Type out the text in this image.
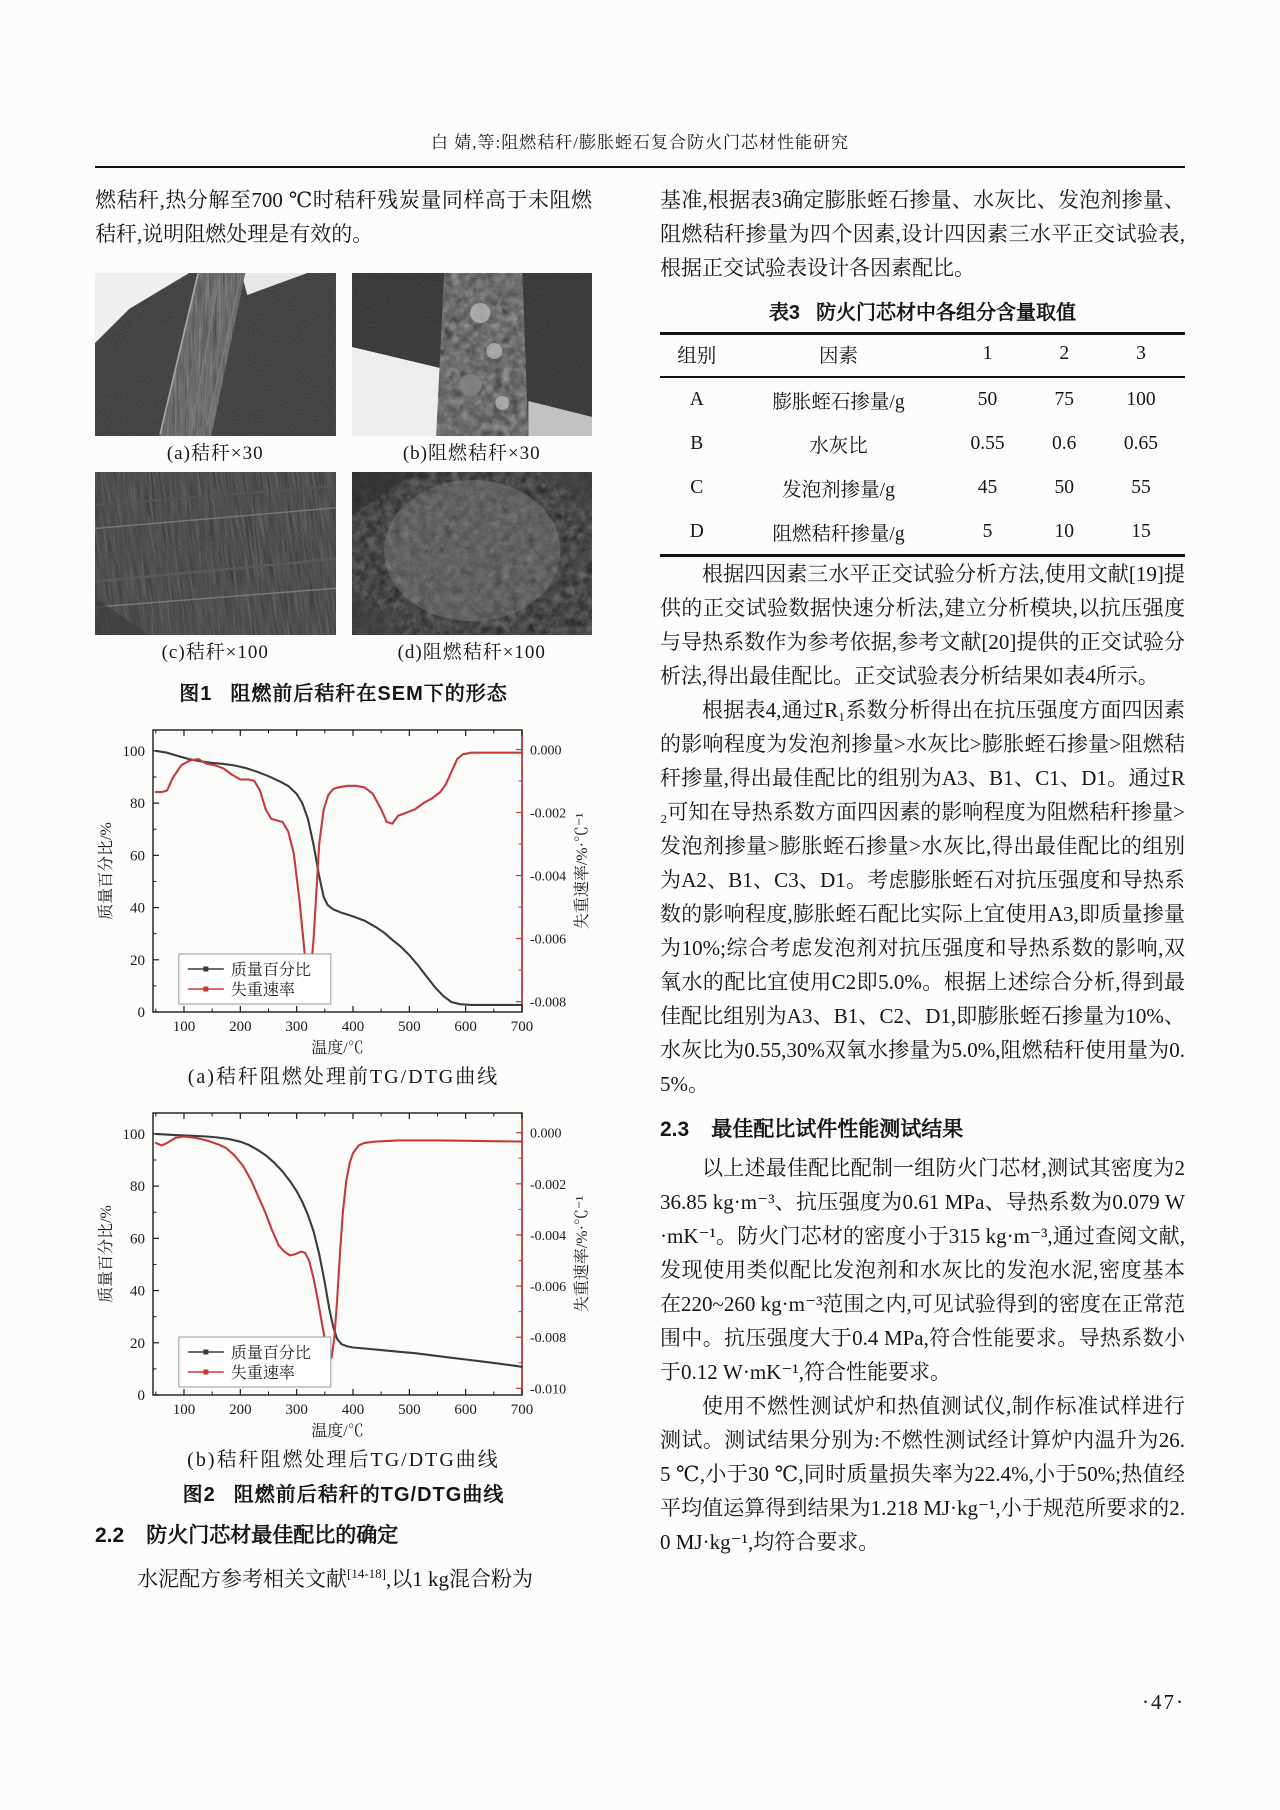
白 婧,等:阻燃秸秆/膨胀蛭石复合防火门芯材性能研究

燃秸秆,热分解至700 ℃时秸秆残炭量同样高于未阻燃秸秆,说明阻燃处理是有效的。

(a)秸秆×30	(b)阻燃秸秆×30

(c)秸秆×100	(d)阻燃秸秆×100

图1 阻燃前后秸秆在SEM下的形态

100 200 300 400 500 600 700
0
20
40
60
80
100	0.000
-0.002
-0.004
-0.006
-0.008
温度/℃
质量百分比/%	失重速率/%·℃⁻¹
质量百分比
失重速率

(a)秸秆阻燃处理前TG/DTG曲线

100 200 300 400 500 600 700
0
20
40
60
80
100	0.000
-0.002
-0.004
-0.006
-0.008
-0.010
温度/℃
质量百分比/%	失重速率/%·℃⁻¹
质量百分比
失重速率

(b)秸秆阻燃处理后TG/DTG曲线

图2 阻燃前后秸秆的TG/DTG曲线

2.2 防火门芯材最佳配比的确定

水泥配方参考相关文献[14-18],以1 kg混合粉为

基准,根据表3确定膨胀蛭石掺量、水灰比、发泡剂掺量、阻燃秸秆掺量为四个因素,设计四因素三水平正交试验表,根据正交试验表设计各因素配比。

表3 防火门芯材中各组分含量取值

组别	因素	1	2	3
A	膨胀蛭石掺量/g	50	75	100
B	水灰比	0.55	0.6	0.65
C	发泡剂掺量/g	45	50	55
D	阻燃秸秆掺量/g	5	10	15

根据四因素三水平正交试验分析方法,使用文献[19]提供的正交试验数据快速分析法,建立分析模块,以抗压强度与导热系数作为参考依据,参考文献[20]提供的正交试验分析法,得出最佳配比。正交试验表分析结果如表4所示。

根据表4,通过R₁系数分析得出在抗压强度方面四因素的影响程度为发泡剂掺量>水灰比>膨胀蛭石掺量>阻燃秸秆掺量,得出最佳配比的组别为A3、B1、C1、D1。通过R₂可知在导热系数方面四因素的影响程度为阻燃秸秆掺量>发泡剂掺量>膨胀蛭石掺量>水灰比,得出最佳配比的组别为A2、B1、C3、D1。考虑膨胀蛭石对抗压强度和导热系数的影响程度,膨胀蛭石配比实际上宜使用A3,即质量掺量为10%;综合考虑发泡剂对抗压强度和导热系数的影响,双氧水的配比宜使用C2即5.0%。根据上述综合分析,得到最佳配比组别为A3、B1、C2、D1,即膨胀蛭石掺量为10%、水灰比为0.55,30%双氧水掺量为5.0%,阻燃秸秆使用量为0.5%。

2.3 最佳配比试件性能测试结果

以上述最佳配比配制一组防火门芯材,测试其密度为236.85 kg·m⁻³、抗压强度为0.61 MPa、导热系数为0.079 W·mK⁻¹。防火门芯材的密度小于315 kg·m⁻³,通过查阅文献,发现使用类似配比发泡剂和水灰比的发泡水泥,密度基本在220~260 kg·m⁻³范围之内,可见试验得到的密度在正常范围中。抗压强度大于0.4 MPa,符合性能要求。导热系数小于0.12 W·mK⁻¹,符合性能要求。

使用不燃性测试炉和热值测试仪,制作标准试样进行测试。测试结果分别为:不燃性测试经计算炉内温升为26.5 ℃,小于30 ℃,同时质量损失率为22.4%,小于50%;热值经平均值运算得到结果为1.218 MJ·kg⁻¹,小于规范所要求的2.0 MJ·kg⁻¹,均符合要求。

·47·
